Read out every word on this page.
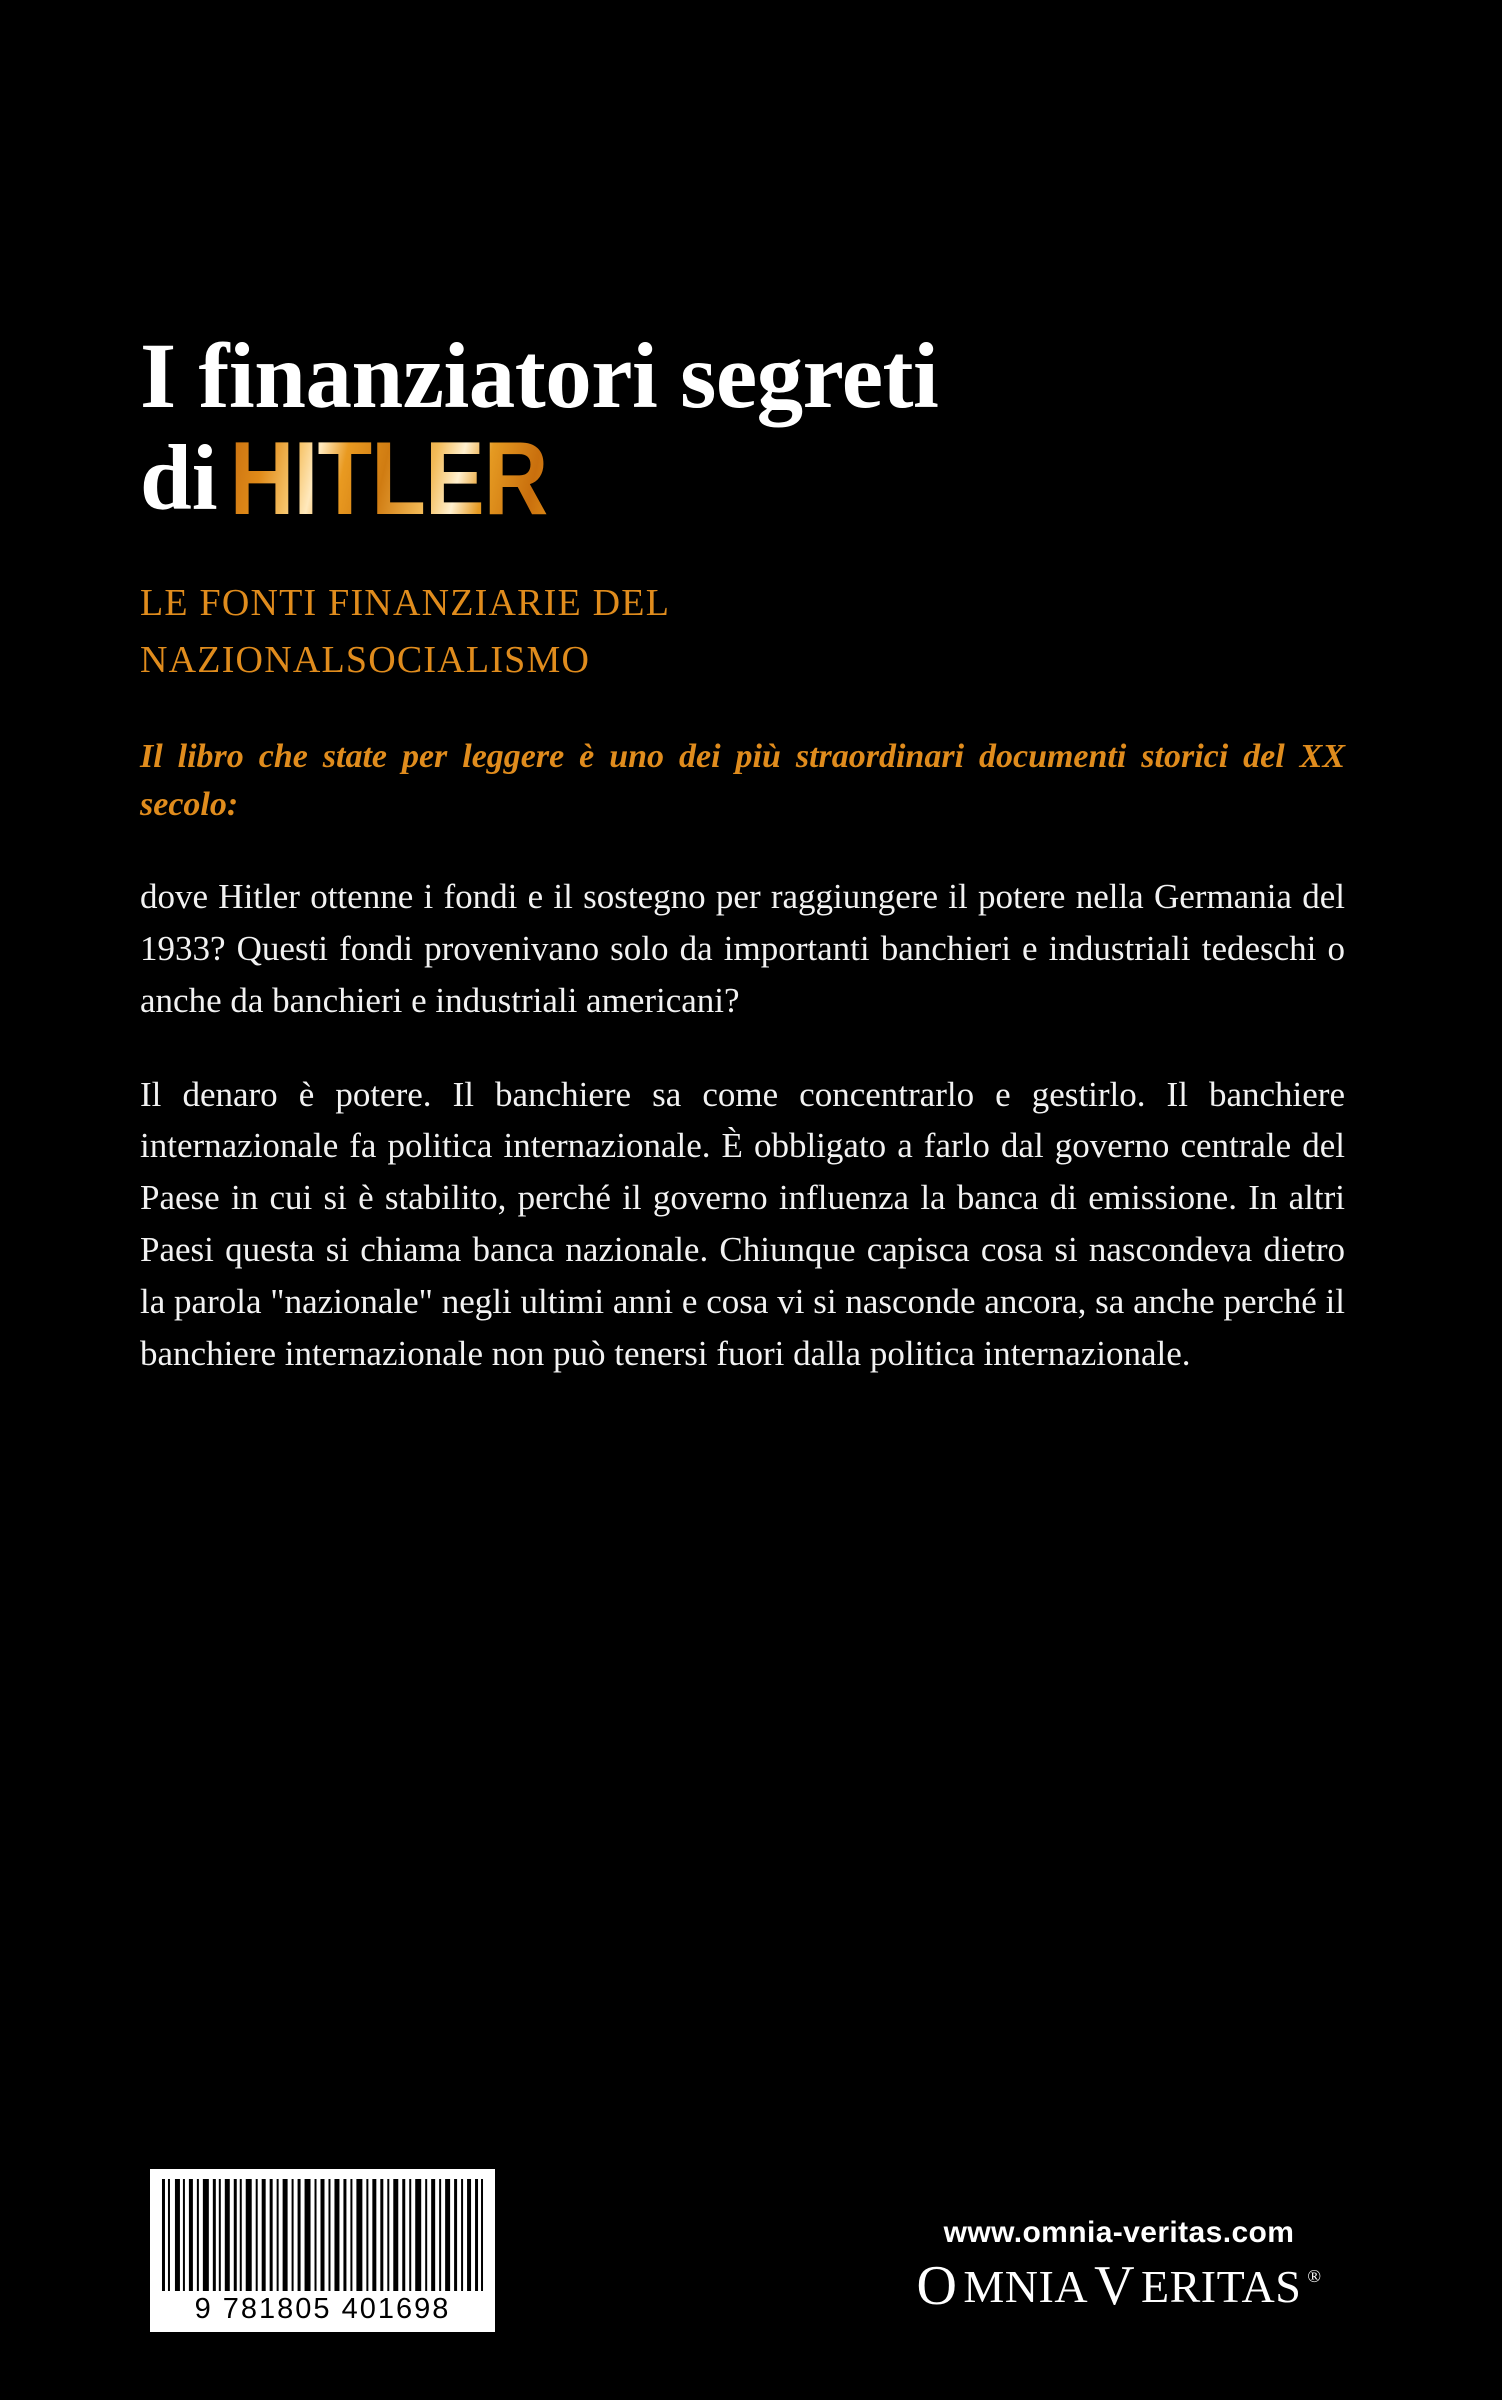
I finanziatori segreti
di HITLER
LE FONTI FINANZIARIE DEL NAZIONALSOCIALISMO
Il libro che state per leggere è uno dei più straordinari documenti storici del XX secolo:
dove Hitler ottenne i fondi e il sostegno per raggiungere il potere nella Germania del 1933? Questi fondi provenivano solo da importanti banchieri e industriali tedeschi o anche da banchieri e industriali americani?
Il denaro è potere. Il banchiere sa come concentrarlo e gestirlo. Il banchiere internazionale fa politica internazionale. È obbligato a farlo dal governo centrale del Paese in cui si è stabilito, perché il governo influenza la banca di emissione. In altri Paesi questa si chiama banca nazionale. Chiunque capisca cosa si nascondeva dietro la parola "nazionale" negli ultimi anni e cosa vi si nasconde ancora, sa anche perché il banchiere internazionale non può tenersi fuori dalla politica internazionale.
9 781805 401698
www.omnia-veritas.com
O MNIA V ERITAS ®
